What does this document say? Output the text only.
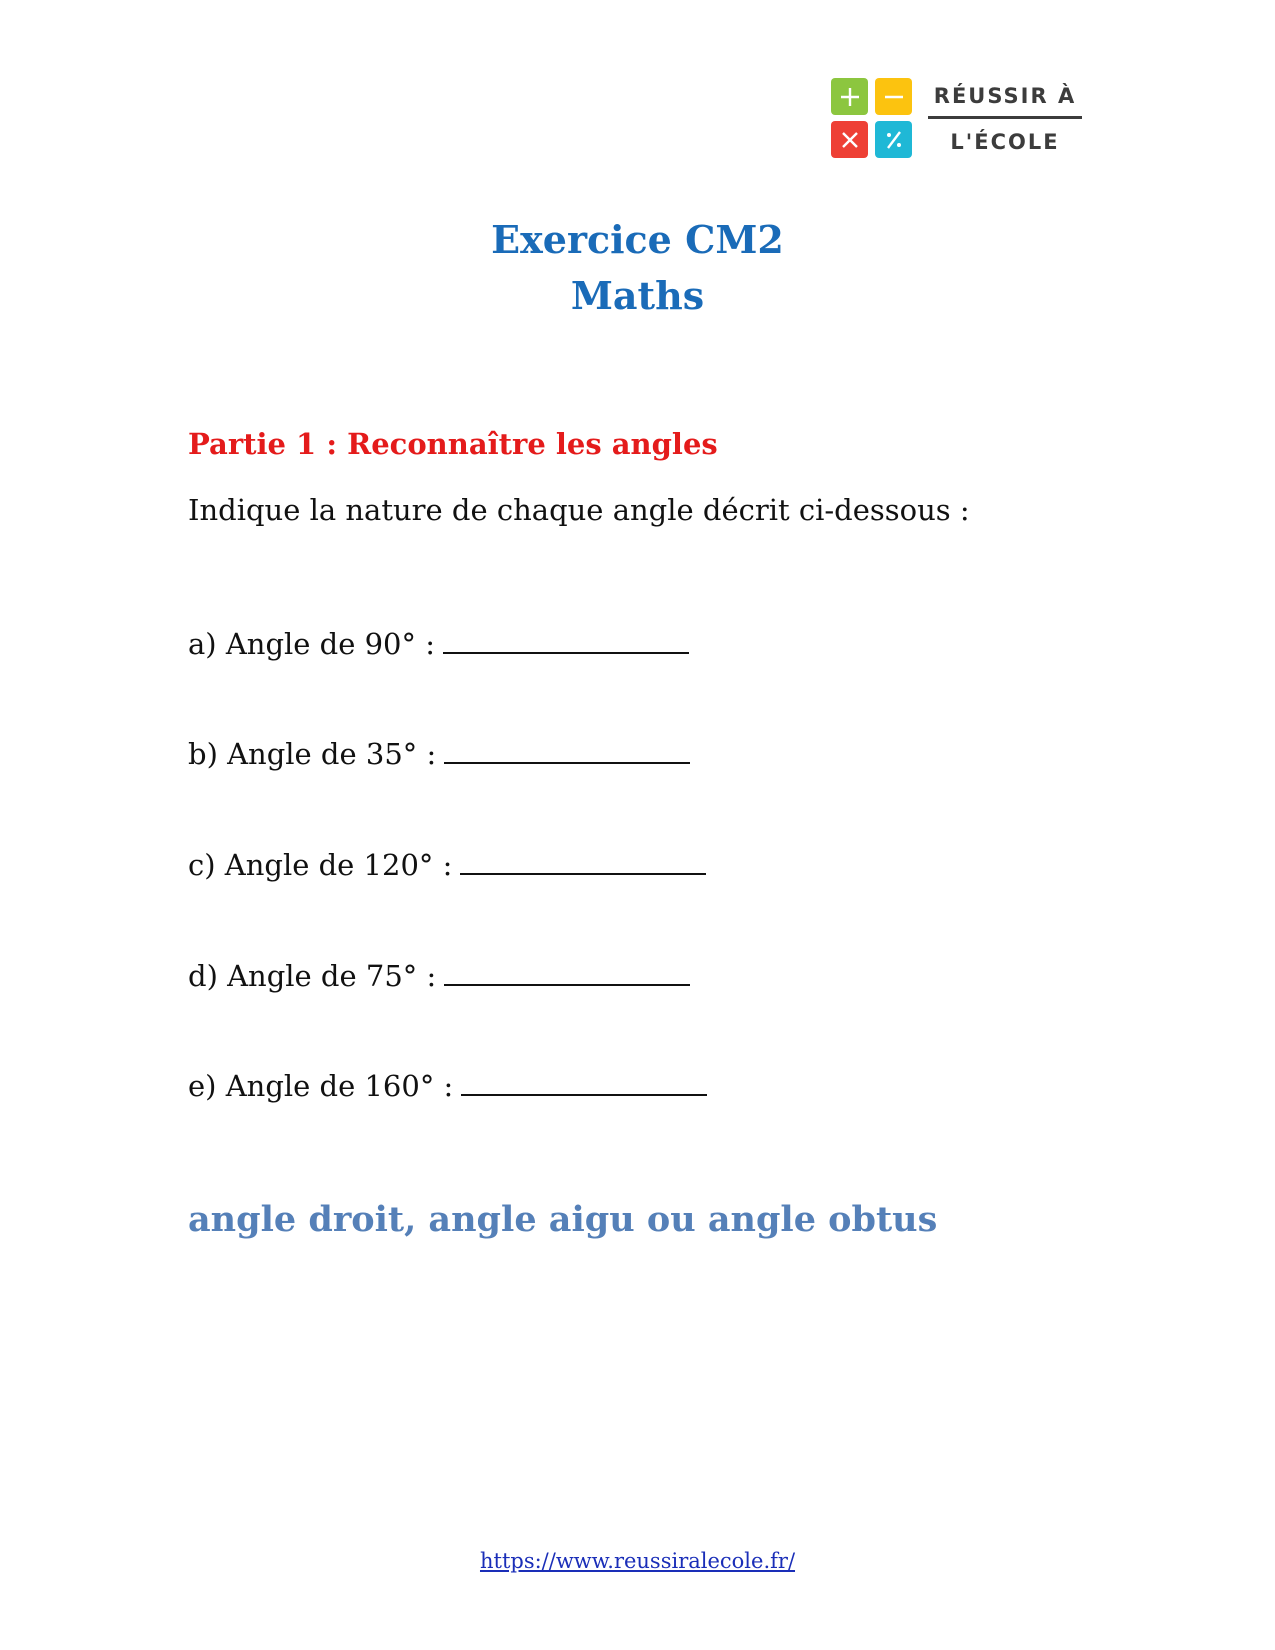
RÉUSSIR À
L'ÉCOLE
Exercice CM2
Maths
Partie 1 : Reconnaître les angles
Indique la nature de chaque angle décrit ci-dessous :
a) Angle de 90° :
b) Angle de 35° :
c) Angle de 120° :
d) Angle de 75° :
e) Angle de 160° :
angle droit, angle aigu ou angle obtus
https://www.reussiralecole.fr/
